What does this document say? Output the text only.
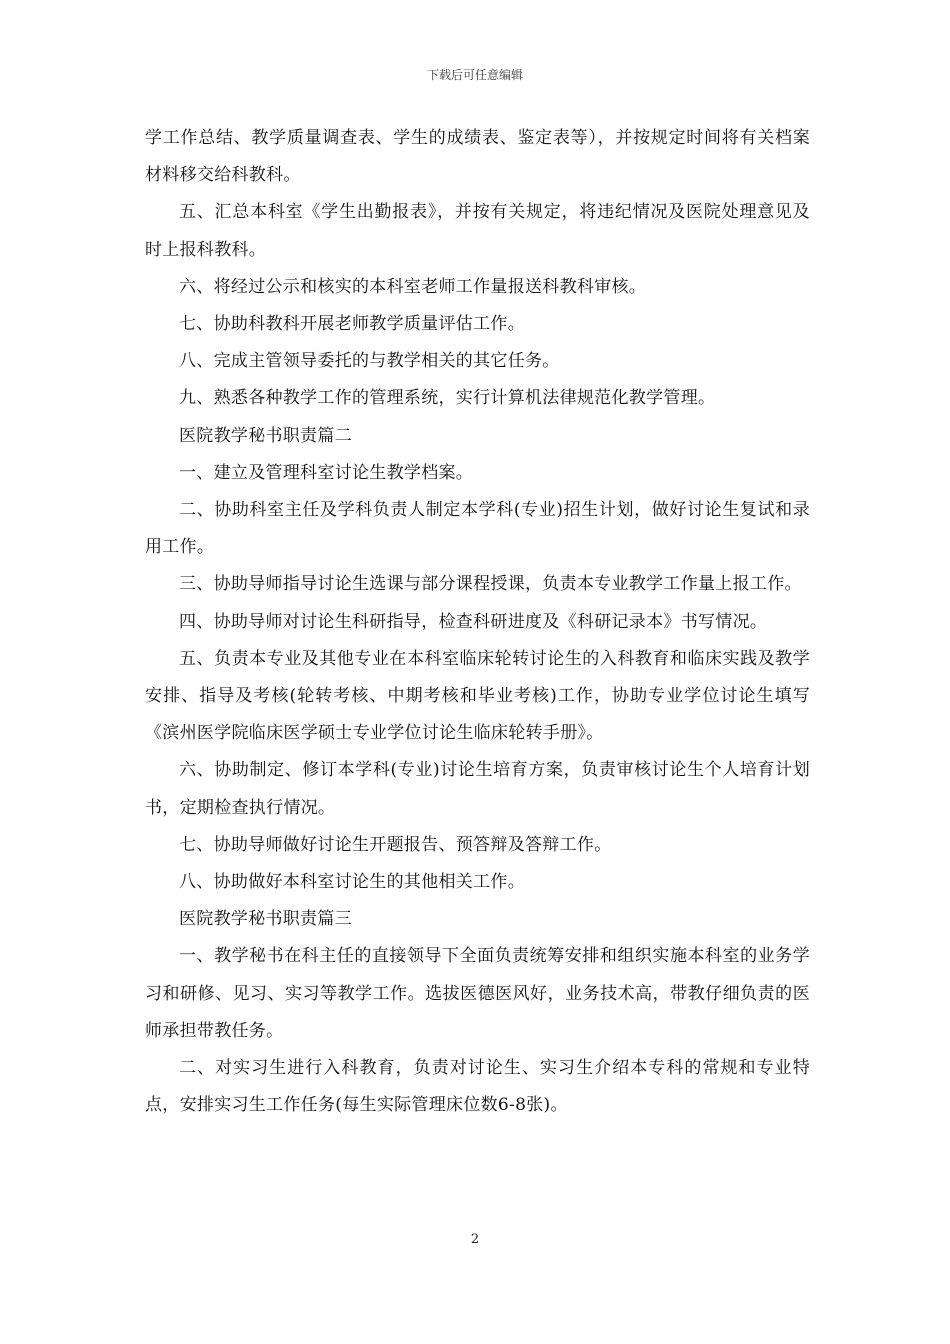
下载后可任意编辑

学工作总结、教学质量调查表、学生的成绩表、鉴定表等），并按规定时间将有关档案材料移交给科教科。

五、汇总本科室《学生出勤报表》，并按有关规定，将违纪情况及医院处理意见及时上报科教科。

六、将经过公示和核实的本科室老师工作量报送科教科审核。

七、协助科教科开展老师教学质量评估工作。

八、完成主管领导委托的与教学相关的其它任务。

九、熟悉各种教学工作的管理系统，实行计算机法律规范化教学管理。

医院教学秘书职责篇二

一、建立及管理科室讨论生教学档案。

二、协助科室主任及学科负责人制定本学科(专业)招生计划，做好讨论生复试和录用工作。

三、协助导师指导讨论生选课与部分课程授课，负责本专业教学工作量上报工作。

四、协助导师对讨论生科研指导，检查科研进度及《科研记录本》书写情况。

五、负责本专业及其他专业在本科室临床轮转讨论生的入科教育和临床实践及教学安排、指导及考核(轮转考核、中期考核和毕业考核)工作，协助专业学位讨论生填写《滨州医学院临床医学硕士专业学位讨论生临床轮转手册》。

六、协助制定、修订本学科(专业)讨论生培育方案，负责审核讨论生个人培育计划书，定期检查执行情况。

七、协助导师做好讨论生开题报告、预答辩及答辩工作。

八、协助做好本科室讨论生的其他相关工作。

医院教学秘书职责篇三

一、教学秘书在科主任的直接领导下全面负责统筹安排和组织实施本科室的业务学习和研修、见习、实习等教学工作。选拔医德医风好，业务技术高，带教仔细负责的医师承担带教任务。

二、对实习生进行入科教育，负责对讨论生、实习生介绍本专科的常规和专业特点，安排实习生工作任务(每生实际管理床位数6-8张)。

2
